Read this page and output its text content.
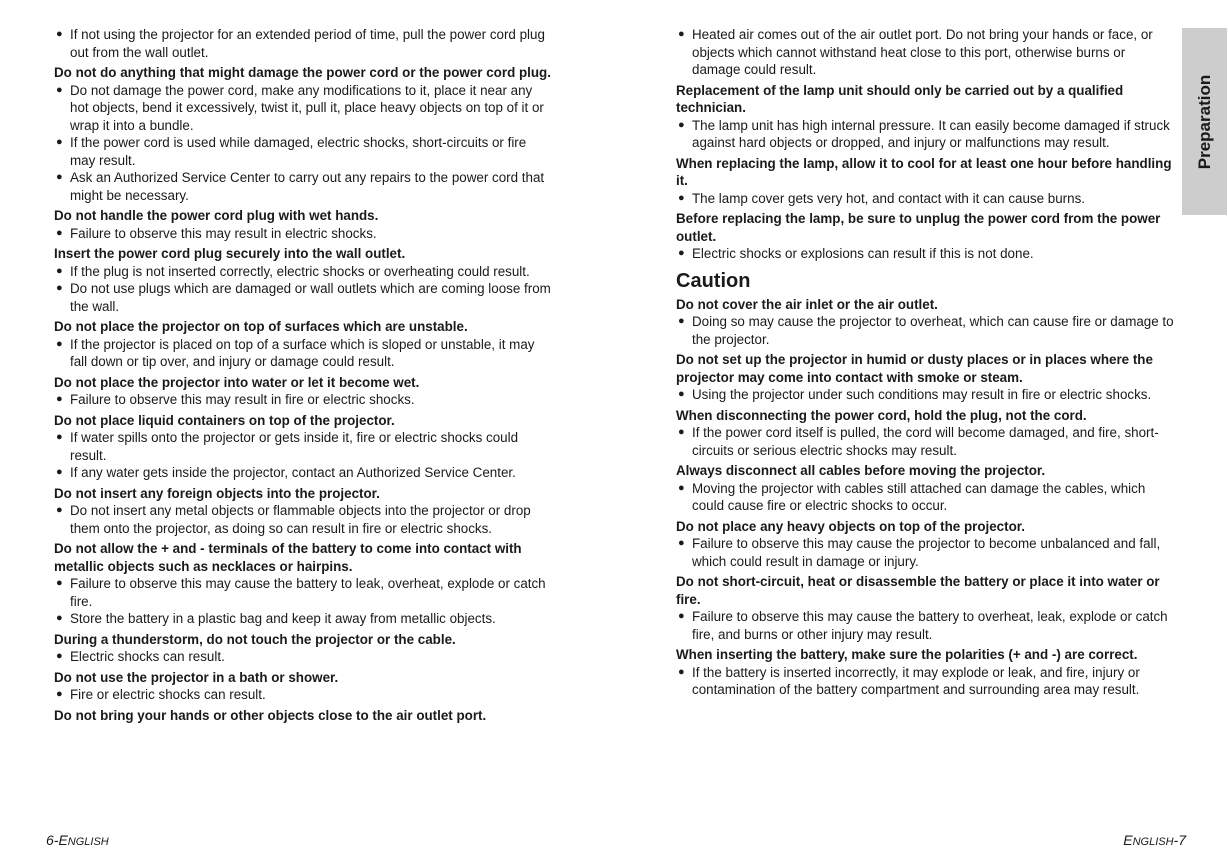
● If not using the projector for an extended period of time, pull the power cord plug out from the wall outlet.

Do not do anything that might damage the power cord or the power cord plug.

● Do not damage the power cord, make any modifications to it, place it near any hot objects, bend it excessively, twist it, pull it, place heavy objects on top of it or wrap it into a bundle.

● If the power cord is used while damaged, electric shocks, short-circuits or fire may result.

● Ask an Authorized Service Center to carry out any repairs to the power cord that might be necessary.

Do not handle the power cord plug with wet hands.

● Failure to observe this may result in electric shocks.

Insert the power cord plug securely into the wall outlet.

● If the plug is not inserted correctly, electric shocks or overheating could result.

● Do not use plugs which are damaged or wall outlets which are coming loose from the wall.

Do not place the projector on top of surfaces which are unstable.

● If the projector is placed on top of a surface which is sloped or unstable, it may fall down or tip over, and injury or damage could result.

Do not place the projector into water or let it become wet.

● Failure to observe this may result in fire or electric shocks.

Do not place liquid containers on top of the projector.

● If water spills onto the projector or gets inside it, fire or electric shocks could result.

● If any water gets inside the projector, contact an Authorized Service Center.

Do not insert any foreign objects into the projector.

● Do not insert any metal objects or flammable objects into the projector or drop them onto the projector, as doing so can result in fire or electric shocks.

Do not allow the + and - terminals of the battery to come into contact with metallic objects such as necklaces or hairpins.

● Failure to observe this may cause the battery to leak, overheat, explode or catch fire.

● Store the battery in a plastic bag and keep it away from metallic objects.

During a thunderstorm, do not touch the projector or the cable.

● Electric shocks can result.

Do not use the projector in a bath or shower.

● Fire or electric shocks can result.

Do not bring your hands or other objects close to the air outlet port.

● Heated air comes out of the air outlet port. Do not bring your hands or face, or objects which cannot withstand heat close to this port, otherwise burns or damage could result.

Replacement of the lamp unit should only be carried out by a qualified technician.

● The lamp unit has high internal pressure. It can easily become damaged if struck against hard objects or dropped, and injury or malfunctions may result.

When replacing the lamp, allow it to cool for at least one hour before handling it.

● The lamp cover gets very hot, and contact with it can cause burns.

Before replacing the lamp, be sure to unplug the power cord from the power outlet.

● Electric shocks or explosions can result if this is not done.

Caution

Do not cover the air inlet or the air outlet.

● Doing so may cause the projector to overheat, which can cause fire or damage to the projector.

Do not set up the projector in humid or dusty places or in places where the projector may come into contact with smoke or steam.

● Using the projector under such conditions may result in fire or electric shocks.

When disconnecting the power cord, hold the plug, not the cord.

● If the power cord itself is pulled, the cord will become damaged, and fire, short-circuits or serious electric shocks may result.

Always disconnect all cables before moving the projector.

● Moving the projector with cables still attached can damage the cables, which could cause fire or electric shocks to occur.

Do not place any heavy objects on top of the projector.

● Failure to observe this may cause the projector to become unbalanced and fall, which could result in damage or injury.

Do not short-circuit, heat or disassemble the battery or place it into water or fire.

● Failure to observe this may cause the battery to overheat, leak, explode or catch fire, and burns or other injury may result.

When inserting the battery, make sure the polarities (+ and -) are correct.

● If the battery is inserted incorrectly, it may explode or leak, and fire, injury or contamination of the battery compartment and surrounding area may result.

Preparation
6-ENGLISH	ENGLISH-7
